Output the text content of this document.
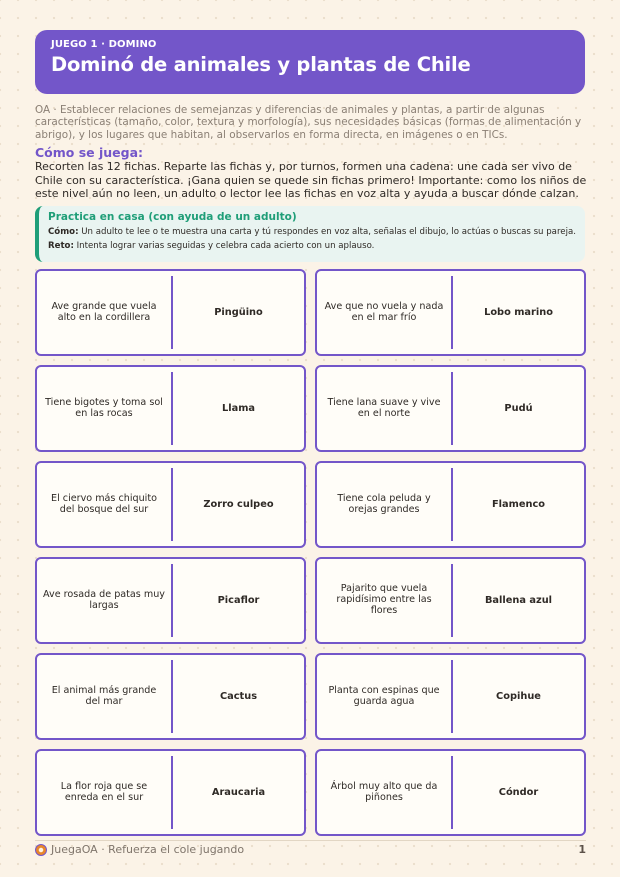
JUEGO 1 · DOMINO
Dominó de animales y plantas de Chile
OA · Establecer relaciones de semejanzas y diferencias de animales y plantas, a partir de algunas características (tamaño, color, textura y morfología), sus necesidades básicas (formas de alimentación y abrigo), y los lugares que habitan, al observarlos en forma directa, en imágenes o en TICs.
Cómo se juega:
Recorten las 12 fichas. Reparte las fichas y, por turnos, formen una cadena: une cada ser vivo de Chile con su característica. ¡Gana quien se quede sin fichas primero! Importante: como los niños de este nivel aún no leen, un adulto o lector lee las fichas en voz alta y ayuda a buscar dónde calzan.
Practica en casa (con ayuda de un adulto)
Cómo: Un adulto te lee o te muestra una carta y tú respondes en voz alta, señalas el dibujo, lo actúas o buscas su pareja.
Reto: Intenta lograr varias seguidas y celebra cada acierto con un aplauso.
Ave grande que vuela alto en la cordillera	Pingüino
Ave que no vuela y nada en el mar frío	Lobo marino
Tiene bigotes y toma sol en las rocas	Llama
Tiene lana suave y vive en el norte	Pudú
El ciervo más chiquito del bosque del sur	Zorro culpeo
Tiene cola peluda y orejas grandes	Flamenco
Ave rosada de patas muy largas	Picaflor
Pajarito que vuela rapidísimo entre las flores
Ballena azul
El animal más grande del mar	Cactus
Planta con espinas que guarda agua	Copihue
La flor roja que se enreda en el sur	Araucaria
Árbol muy alto que da piñones	Cóndor
JuegaOA · Refuerza el cole jugando	1
